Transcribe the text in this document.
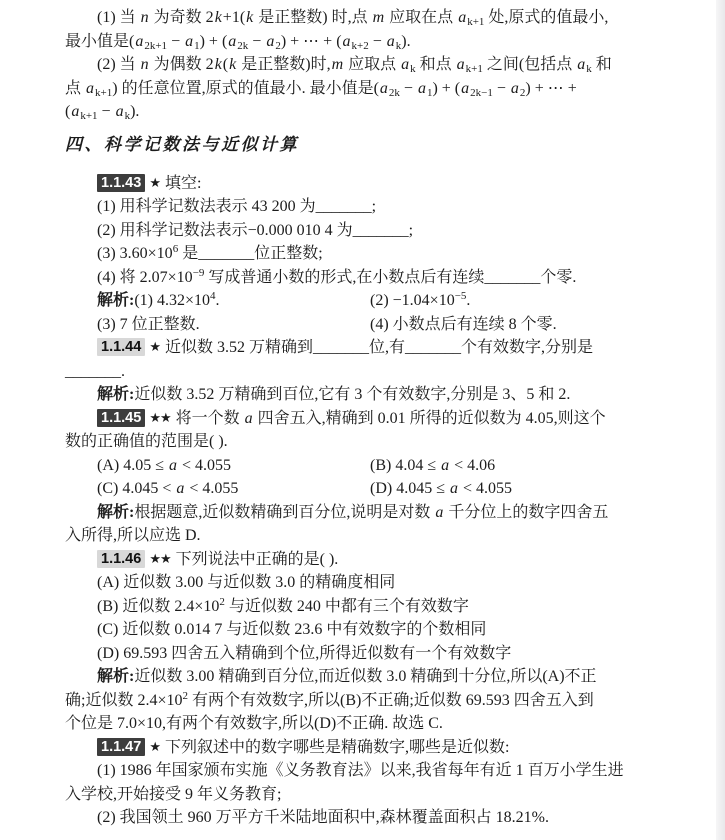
(1) 当 n 为奇数 2k+1(k 是正整数) 时,点 m 应取在点 $a_{k+1}$ 处,原式的值最小,
最小值是$(a_{2k+1} - a_1) + (a_{2k} - a_2)$ + ⋯ + $(a_{k+2} - a_k)$.
(2) 当 n 为偶数 2k(k 是正整数)时,m 应取点 $a_k$ 和点 $a_{k+1}$ 之间(包括点 $a_k$ 和
点 $a_{k+1}$) 的任意位置,原式的值最小. 最小值是$(a_{2k} - a_1) + (a_{2k-1} - a_2)$ + ⋯ +
$(a_{k+1} - a_k)$.
四、科学记数法与近似计算
1.1.43 ★ 填空:
(1) 用科学记数法表示 43 200 为_______;
(2) 用科学记数法表示−0.000 010 4 为_______;
(3) $3.60\times 10^6$ 是_______位正整数;
(4) 将 $2.07\times 10^{-9}$ 写成普通小数的形式,在小数点后有连续_______个零.
解析:(1) $4.32\times 10^4$.	$(2) -1.04\times 10^{-5}$.
(3) 7 位正整数.	(4) 小数点后有连续 8 个零.
1.1.44 ★ 近似数 3.52 万精确到_______位,有_______个有效数字,分别是
_______.
解析:近似数 3.52 万精确到百位,它有 3 个有效数字,分别是 3、5 和 2.
1.1.45 ★★ 将一个数 a 四舍五入,精确到 0.01 所得的近似数为 4.05,则这个
数的正确值的范围是( ).
(A) 4.05 ≤ a < 4.055	(B) 4.04 ≤ a < 4.06
(C) 4.045 < a < 4.055	(D) 4.045 ≤ a < 4.055
解析:根据题意,近似数精确到百分位,说明是对数 a 千分位上的数字四舍五
入所得,所以应选 D.
1.1.46 ★★ 下列说法中正确的是( ).
(A) 近似数 3.00 与近似数 3.0 的精确度相同
(B) 近似数 $2.4\times 10^2$ 与近似数 240 中都有三个有效数字
(C) 近似数 0.014 7 与近似数 23.6 中有效数字的个数相同
(D) 69.593 四舍五入精确到个位,所得近似数有一个有效数字
解析:近似数 3.00 精确到百分位,而近似数 3.0 精确到十分位,所以(A)不正
确;近似数 $2.4\times 10^2$ 有两个有效数字,所以(B)不正确;近似数 69.593 四舍五入到
个位是 7.0×10,有两个有效数字,所以(D)不正确. 故选 C.
1.1.47 ★ 下列叙述中的数字哪些是精确数字,哪些是近似数:
(1) 1986 年国家颁布实施《义务教育法》以来,我省每年有近 1 百万小学生进
入学校,开始接受 9 年义务教育;
(2) 我国领土 960 万平方千米陆地面积中,森林覆盖面积占 18.21%.
